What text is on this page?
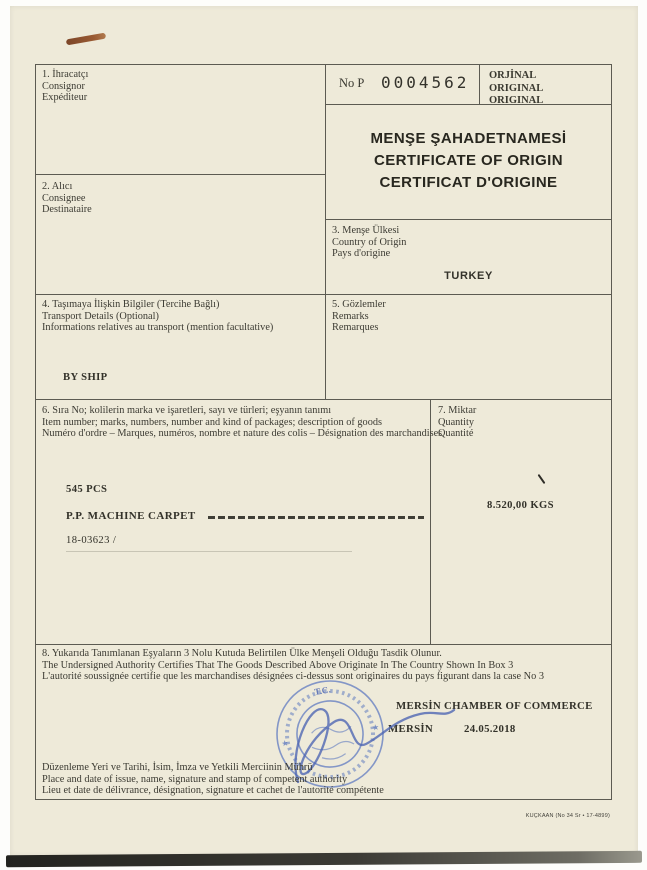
1. İhracatçı
Consignor
Expéditeur
No P 0004562 ORJİNAL
ORIGINAL
ORIGINAL
MENŞE ŞAHADETNAMESİ
CERTIFICATE OF ORIGIN
CERTIFICAT D'ORIGINE
2. Alıcı
Consignee
Destinataire
3. Menşe Ülkesi
Country of Origin
Pays d'origine
TURKEY
4. Taşımaya İlişkin Bilgiler (Tercihe Bağlı)
Transport Details (Optional)
Informations relatives au transport (mention facultative)
BY SHIP
5. Gözlemler
Remarks
Remarques
6. Sıra No; kolilerin marka ve işaretleri, sayı ve türleri; eşyanın tanımı
Item number; marks, numbers, number and kind of packages; description of goods
Numéro d'ordre – Marques, numéros, nombre et nature des colis – Désignation des marchandises
545 PCS
P.P. MACHINE CARPET
18-03623 /
7. Miktar
Quantity
Quantité
8.520,00 KGS
8. Yukarıda Tanımlanan Eşyaların 3 Nolu Kutuda Belirtilen Ülke Menşeli Olduğu Tasdik Olunur.
The Undersigned Authority Certifies That The Goods Described Above Originate In The Country Shown In Box 3
L'autorité soussignée certifie que les marchandises désignées ci-dessus sont originaires du pays figurant dans la case No 3
MERSİN CHAMBER OF COMMERCE
MERSİN	24.05.2018
T.C.
★
★
Düzenleme Yeri ve Tarihi, İsim, İmza ve Yetkili Merciinin Mührü
Place and date of issue, name, signature and stamp of competent authority
Lieu et date de délivrance, désignation, signature et cachet de l'autorité compétente
KUÇKAAN (No 34 Sr • 17-4899)
